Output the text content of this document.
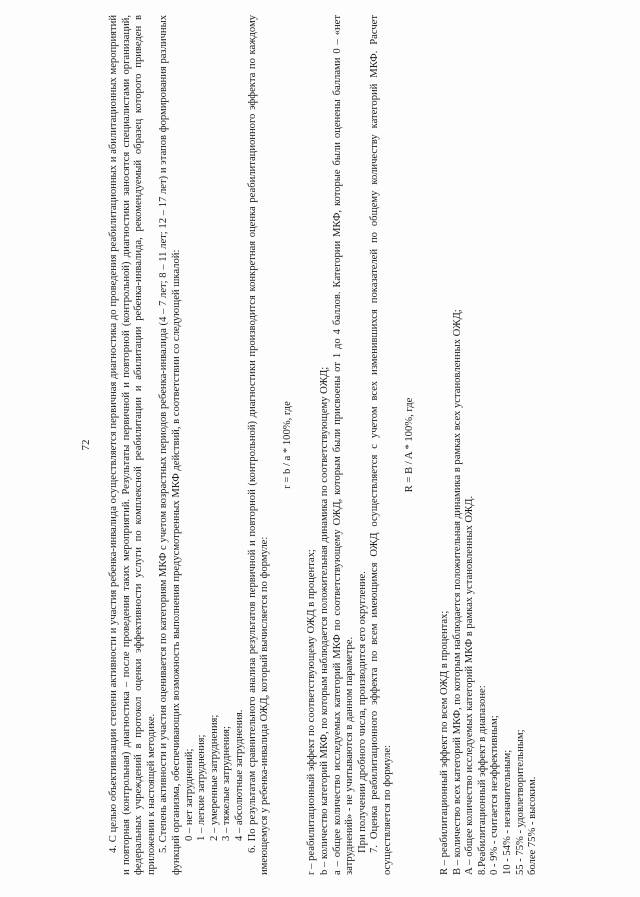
72 4. С целью объективизации степени активности и участия ребенка-инвалида осуществляется первичная диагностика до проведения реабилитационных и абилитационных мероприятий и повторная (контрольная) диагностика – после проведения таких мероприятий. Результаты первичной и повторной (контрольной) диагностики заносятся специалистами организаций, федеральных учреждений в протокол оценки эффективности услуги по комплексной реабилитации и абилитации ребенка-инвалида, рекомендуемый образец которого приведен в приложении к настоящей методике. 5. Степень активности и участия оценивается по категориям МКФ с учетом возрастных периодов ребенка-инвалида (4 – 7 лет; 8 – 11 лет; 12 – 17 лет) и этапов формирования различных функций организма, обеспечивающих возможность выполнения предусмотренных МКФ действий, в соответствии со следующей шкалой: 0 – нет затруднений; 1 – легкие затруднения; 2 – умеренные затруднения; 3 – тяжелые затруднения; 4 – абсолютные затруднения. 6. По результатам сравнительного анализа результатов первичной и повторной (контрольной) диагностики производится конкретная оценка реабилитационного эффекта по каждому имеющемуся у ребенка-инвалида ОЖД, который вычисляется по формуле:

r = b / a * 100%, где

r – реабилитационный эффект по соответствующему ОЖД в процентах; b – количество категорий МКФ, по которым наблюдается положительная динамика по соответствующему ОЖД; a – общее количество исследуемых категорий МКФ по соответствующему ОЖД, которым были присвоены от 1 до 4 баллов. Категории МКФ, которые были оценены баллами 0 – «нет затруднений» - не учитываются в данном параметре. При получении дробного числа, производится его округление. 7. Оценка реабилитационного эффекта по всем имеющимся ОЖД осуществляется с учетом всех изменившихся показателей по общему количеству категорий МКФ. Расчет осуществляется по формуле:

R = B / A * 100%, где

R – реабилитационный эффект по всем ОЖД в процентах; B – количество всех категорий МКФ, по которым наблюдается положительная динамика в рамках всех установленных ОЖД; А – общее количество исследуемых категорий МКФ в рамках установленных ОЖД. 8.Реабилитационный эффект в диапазоне: 0 - 9% - считается неэффективным; 10 - 54% - незначительным; 55 - 75% - удовлетворительным; более 75% - высоким.
